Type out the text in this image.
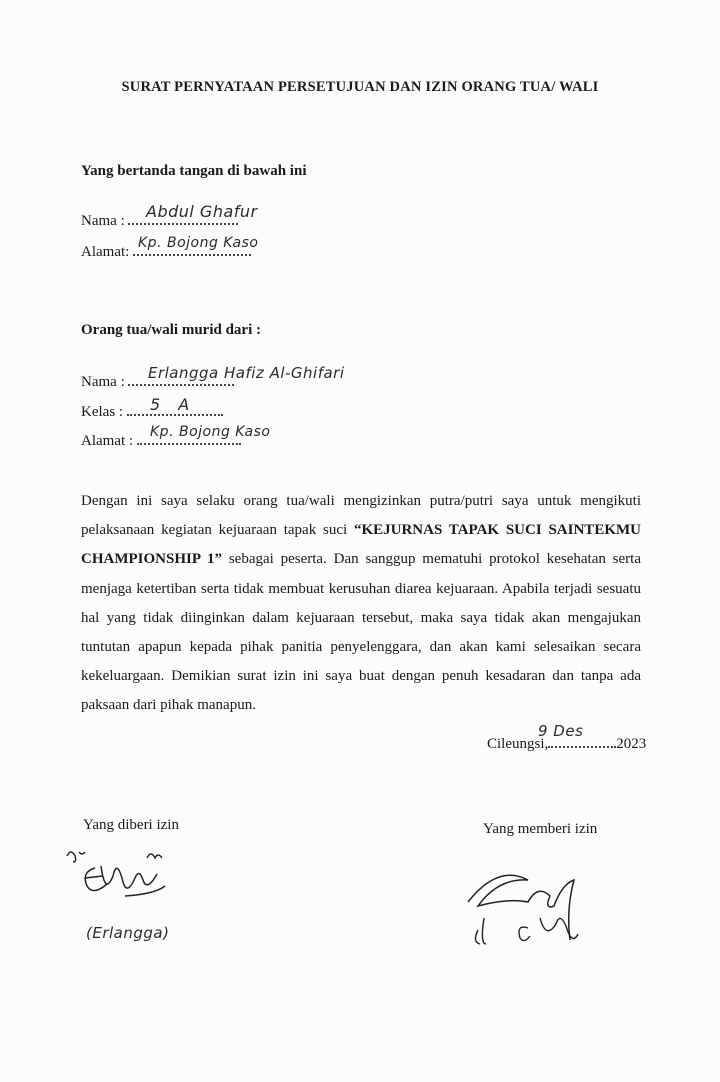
SURAT PERNYATAAN PERSETUJUAN DAN IZIN ORANG TUA/ WALI
Yang bertanda tangan di bawah ini
Nama :	Abdul Ghafur
Alamat:
Kp. Bojong Kaso
Orang tua/wali murid dari :
Nama :	Erlangga Hafiz Al-Ghifari
Kelas :	5 A
Alamat :
Kp. Bojong Kaso
Dengan ini saya selaku orang tua/wali mengizinkan putra/putri saya untuk mengikuti pelaksanaan kegiatan kejuaraan tapak suci “KEJURNAS TAPAK SUCI SAINTEKMU CHAMPIONSHIP 1” sebagai peserta. Dan sanggup mematuhi protokol kesehatan serta menjaga ketertiban serta tidak membuat kerusuhan diarea kejuaraan. Apabila terjadi sesuatu hal yang tidak diinginkan dalam kejuaraan tersebut, maka saya tidak akan mengajukan tuntutan apapun kepada pihak panitia penyelenggara, dan akan kami selesaikan secara kekeluargaan. Demikian surat izin ini saya buat dengan penuh kesadaran dan tanpa ada paksaan dari pihak manapun.
Cileungsi,	2023
9 Des
Yang diberi izin	Yang memberi izin
(Erlangga)
